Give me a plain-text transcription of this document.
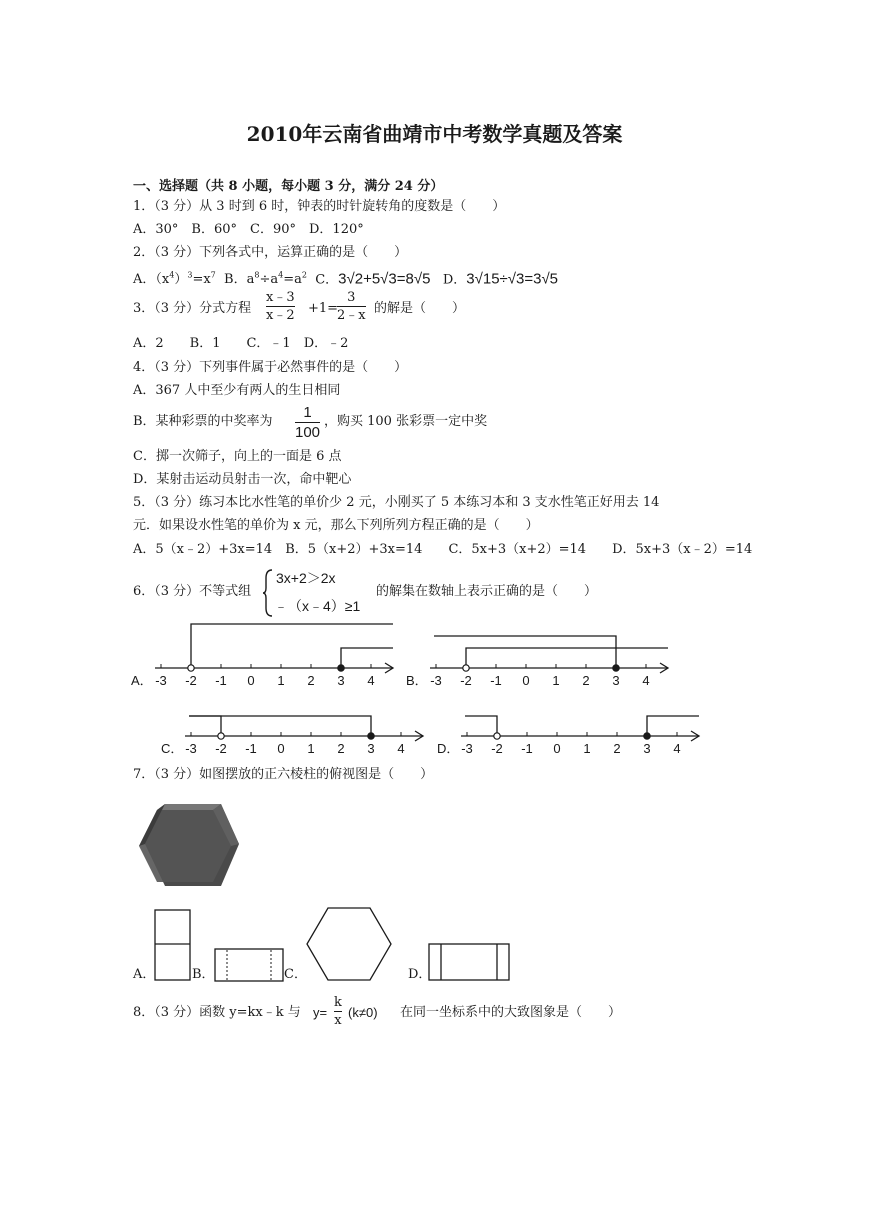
2010年云南省曲靖市中考数学真题及答案
一、选择题（共 8 小题，每小题 3 分，满分 24 分）
1．（3 分）从 3 时到 6 时，钟表的时针旋转角的度数是（　　）
A．30°　B．60°　C．90°　D．120°
2．（3 分）下列各式中，运算正确的是（　　）
A．$(x^4)^3=x^7$ B．$a^8\div a^4=a^2$ C．3√2+5√3=8√5 D．3√15÷√3=3√5
3．（3 分）分式方程
x﹣3
x﹣2 +1=
3
2﹣x 的解是（　　）
A．2　　B．1　　C．﹣1　D．﹣2
4．（3 分）下列事件属于必然事件的是（　　）
A．367 人中至少有两人的生日相同
B．某种彩票的中奖率为
1
100
，购买 100 张彩票一定中奖
C．掷一次筛子，向上的一面是 6 点
D．某射击运动员射击一次，命中靶心
5．（3 分）练习本比水性笔的单价少 2 元，小刚买了 5 本练习本和 3 支水性笔正好用去 14
元．如果设水性笔的单价为 x 元，那么下列所列方程正确的是（　　）
A．5（x﹣2）+3x=14　B．5（x+2）+3x=14　　C．5x+3（x+2）=14　　D．5x+3（x﹣2）=14
6．（3 分）不等式组
3x+2＞2x
﹣（x﹣4）≥1
的解集在数轴上表示正确的是（　　）
-3 -2 -1 0 1 2 3 4
A．	-3 -2 -1 0 1 2 3 4
B．
-3 -2 -1 0 1 2 3 4
C．	-3 -2 -1 0 1 2 3 4
D．
7．（3 分）如图摆放的正六棱柱的俯视图是（　　）
A．	B．	C．	D．
8．（3 分）函数 y=kx﹣k 与 y=
k
x
(k≠0) 在同一坐标系中的大致图象是（　　）
